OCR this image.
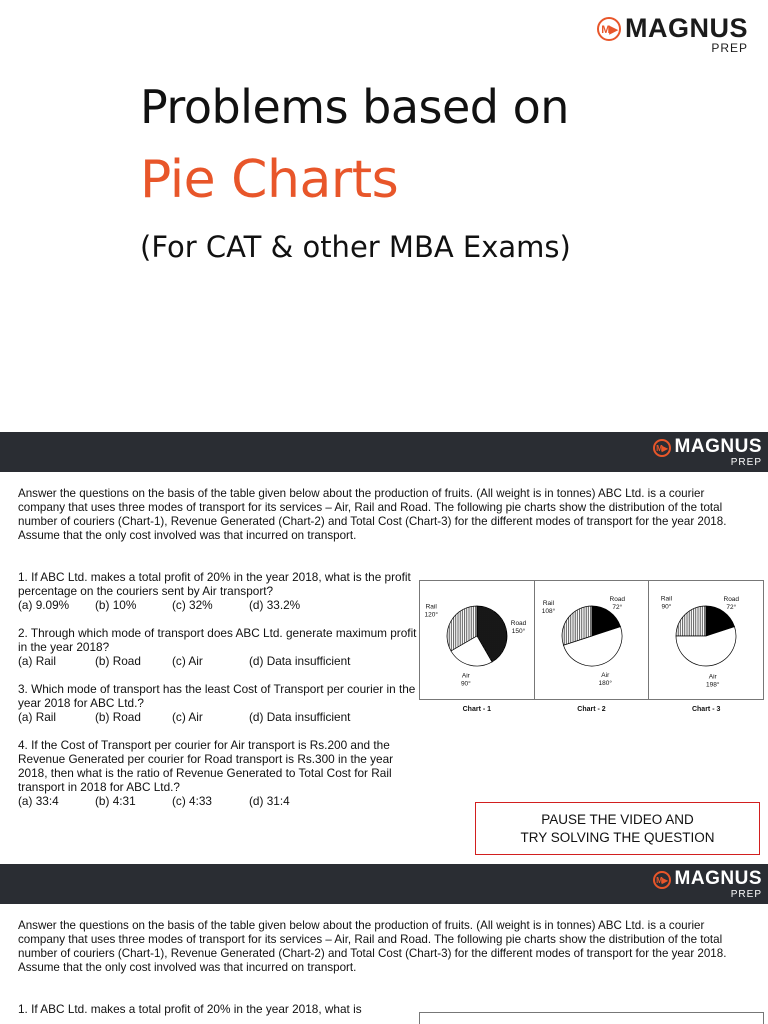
M▶ MAGNUS
PREP
Problems based on
Pie Charts
(For CAT & other MBA Exams)
M▶ MAGNUS
PREP

Answer the questions on the basis of the table given below about the production of fruits. (All weight is in tonnes) ABC Ltd. is a courier company that uses three modes of transport for its services – Air, Rail and Road. The following pie charts show the distribution of the total number of couriers (Chart-1), Revenue Generated (Chart-2) and Total Cost (Chart-3) for the different modes of transport for the year 2018. Assume that the only cost involved was that incurred on transport.

1. If ABC Ltd. makes a total profit of 20% in the year 2018, what is the profit percentage on the couriers sent by Air transport?
(a) 9.09%	(b) 10%	(c) 32%	(d) 33.2%
2. Through which mode of transport does ABC Ltd. generate maximum profit in the year 2018?
(a) Rail	(b) Road	(c) Air	(d) Data insufficient
3. Which mode of transport has the least Cost of Transport per courier in the year 2018 for ABC Ltd.?
(a) Rail	(b) Road	(c) Air	(d) Data insufficient
4. If the Cost of Transport per courier for Air transport is Rs.200 and the Revenue Generated per courier for Road transport is Rs.300 in the year 2018, then what is the ratio of Revenue Generated to Total Cost for Rail transport in 2018 for ABC Ltd.?
(a) 33:4	(b) 4:31	(c) 4:33	(d) 31:4
Rail
120°
Road
150°
Air
90°
Chart - 1
Rail
108°
Road
72°
Air
180°
Chart - 2
Rail
90°
Road
72°
Air
198°
Chart - 3
PAUSE THE VIDEO AND
TRY SOLVING THE QUESTION
M▶ MAGNUS
PREP

Answer the questions on the basis of the table given below about the production of fruits. (All weight is in tonnes) ABC Ltd. is a courier company that uses three modes of transport for its services – Air, Rail and Road. The following pie charts show the distribution of the total number of couriers (Chart-1), Revenue Generated (Chart-2) and Total Cost (Chart-3) for the different modes of transport for the year 2018. Assume that the only cost involved was that incurred on transport.

1. If ABC Ltd. makes a total profit of 20% in the year 2018, what is
